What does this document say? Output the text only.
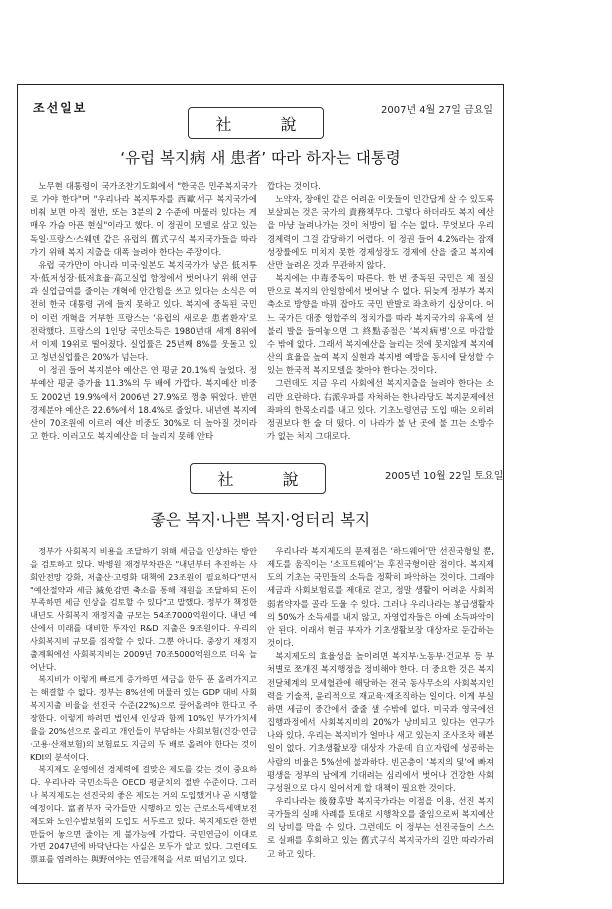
조선일보	2007년 4월 27일 금요일
社 說
‘유럽 복지病 새 患者’ 따라 하자는 대통령

노무현 대통령이 국가조찬기도회에서 "한국은 민주복지국가로 가야 한다"며 "우리나라 복지투자를 西歐서구 복지국가에 비춰 보면 아직 절반, 또는 3분의 2 수준에 머물러 있다는 게 매우 가슴 아픈 현실"이라고 했다. 이 정권이 모델로 삼고 있는 독일·프랑스·스웨덴 같은 유럽의 舊式구식 복지국가들을 따라가기 위해 복지 지출을 대폭 늘려야 한다는 주장이다.

유럽 국가만이 아니라 미국·일본도 복지국가가 낳은 低저투자·低저성장·低저효율·高고실업 함정에서 벗어나기 위해 연금과 실업급여를 줄이는 개혁에 안간힘을 쓰고 있다는 소식은 여전히 한국 대통령 귀에 들지 못하고 있다. 복지에 중독된 국민이 이런 개혁을 거부한 프랑스는 ‘유럽의 새로운 患者환자’로 전락했다. 프랑스의 1인당 국민소득은 1980년대 세계 8위에서 이제 19위로 떨어졌다. 실업률은 25년째 8%를 웃돌고 있고 청년실업률은 20%가 넘는다.

이 정권 들어 복지분야 예산은 연 평균 20.1%씩 늘었다. 정부예산 평균 증가율 11.3%의 두 배에 가깝다. 복지예산 비중도 2002년 19.9%에서 2006년 27.9%로 껑충 뛰었다. 반면 경제분야 예산은 22.6%에서 18.4%로 줄었다. 내년엔 복지예산이 70조원에 이르러 예산 비중도 30%로 더 높아질 것이라고 한다. 이러고도 복지예산을 더 늘리지 못해 안타

깝다는 것이다.

노약자, 장애인 같은 어려운 이웃들이 인간답게 살 수 있도록 보살피는 것은 국가의 責務책무다. 그렇다 하더라도 복지 예산을 마냥 늘려나가는 것이 처방이 될 수는 없다. 무엇보다 우리 경제력이 그걸 감당하기 어렵다. 이 정권 들어 4.2%라는 잠재성장률에도 미치지 못한 경제성장도 경제에 산을 줄고 복지예산만 늘려온 것과 무관하지 않다.

복지에는 中毒중독이 따른다. 한 번 중독된 국민은 제 절실만으로 복지의 안일함에서 벗어날 수 없다. 뒤늦게 정부가 복지 축소로 방향을 바꿔 잡아도 국민 반발로 좌초하기 십상이다. 어느 국가든 대중 영합주의 정치가를 따라 복지국가의 유혹에 섣불리 발을 들여놓으면 그 終點종점은 ‘복지病병’으로 마감할 수 밖에 없다. 그래서 복지예산을 늘리는 것에 못지않게 복지예산의 효율을 높여 복지 실현과 복지병 예방을 동시에 달성할 수 있는 한국적 복지모델을 찾아야 한다는 것이다.

그런데도 지금 우리 사회에선 복지지출을 늘려야 한다는 소리만 요란하다. 右派우파를 자처하는 한나라당도 복지문제에선 좌파의 한목소리를 내고 있다. 기초노령연금 도입 때는 오히려 정권보다 한 술 더 떴다. 이 나라가 불 난 곳에 불 끄는 소방수가 없는 처지 그대로다.

社 說	2005년 10월 22일 토요일
좋은 복지·나쁜 복지·엉터리 복지

정부가 사회복지 비용을 조달하기 위해 세금을 인상하는 방안을 검토하고 있다. 박병원 재경부차관은 "내년부터 추진하는 사회안전망 강화, 저출산·고령화 대책에 23조원이 필요하다"면서 "예산절약과 세금 減免감면 축소를 통해 재원을 조달하되 돈이 부족하면 세금 인상을 검토할 수 있다"고 말했다. 정부가 책정한 내년도 사회복지 재정지출 규모는 54조7000억원이다. 내년 예산에서 미래를 대비한 투자인 R&D 지출은 9조원이다. 우리의 사회복지비 규모를 짐작할 수 있다. 그뿐 아니다. 중장기 재정지출계획에선 사회복지비는 2009년 70조5000억원으로 더욱 늘어난다.

복지비가 이렇게 빠르게 증가하면 세금을 한두 푼 올려가지고는 해결할 수 없다. 정부는 8%선에 머물러 있는 GDP 대비 사회복지지출 비율을 선진국 수준(22%)으로 끌어올려야 한다고 주장한다. 이렇게 하려면 법인세 인상과 함께 10%인 부가가치세율을 20%선으로 올리고 개인들이 부담하는 사회보험(건강·연금·고용·산재보험)의 보험료도 지금의 두 배로 올려야 한다는 것이 KDI의 분석이다.

복지제도 운영에선 경제력에 걸맞은 제도를 갖는 것이 중요하다. 우리나라 국민소득은 OECD 평균치의 절반 수준이다. 그러나 복지제도는 선진국의 좋은 제도는 거의 도입했거나 곧 시행할 예정이다. 富者부자 국가들만 시행하고 있는 근로소득세액보전제도와 노인수발보험의 도입도 서두르고 있다. 복지제도란 한번 만들어 놓으면 줄이는 게 불가능에 가깝다. 국민연금이 이대로 가면 2047년에 바닥난다는 사실은 모두가 알고 있다. 그런데도 票표를 염려하는 與野여야는 연금개혁을 서로 떠넘기고 있다.

우리나라 복지제도의 문제점은 ‘하드웨어’만 선진국형일 뿐, 제도를 움직이는 ‘소프트웨어’는 후진국형이란 점이다. 복지제도의 기초는 국민들의 소득을 정확히 파악하는 것이다. 그래야 세금과 사회보험료를 제대로 걷고, 정말 생활이 어려운 사회적 弱者약자를 골라 도울 수 있다. 그러나 우리나라는 봉급생활자의 50%가 소득세를 내지 않고, 자영업자들은 아예 소득파악이 안 된다. 이래서 현금 부자가 기초생활보장 대상자로 둔갑하는 것이다.

복지제도의 효율성을 높이려면 복지부·노동부·건교부 등 부처별로 쪼개진 복지행정을 정비해야 한다. 더 중요한 것은 복지전달체계의 모세혈관에 해당하는 전국 동사무소의 사회복지인력을 기술적, 윤리적으로 재교육·재조직하는 일이다. 이게 부실하면 세금이 중간에서 줄줄 샐 수밖에 없다. 미국과 영국에선 집행과정에서 사회복지비의 20%가 낭비되고 있다는 연구가 나와 있다. 우리는 복지비가 얼마나 새고 있는지 조사조차 해본 일이 없다. 기초생활보장 대상자 가운데 自立자립에 성공하는 사람의 비율은 5%선에 불과하다. 빈곤층이 ‘복지의 덫’에 빠져 평생을 정부의 남에게 기대려는 심리에서 벗어나 건강한 사회구성원으로 다시 일어서게 할 대책이 필요한 것이다.

우리나라는 後發후발 복지국가라는 이점을 이용, 선진 복지국가들의 실패 사례를 토대로 시행착오를 줄임으로써 복지예산의 낭비를 막을 수 있다. 그런데도 이 정부는 선진국들이 스스로 실패를 후회하고 있는 舊式구식 복지국가의 길만 따라가려고 하고 있다.
